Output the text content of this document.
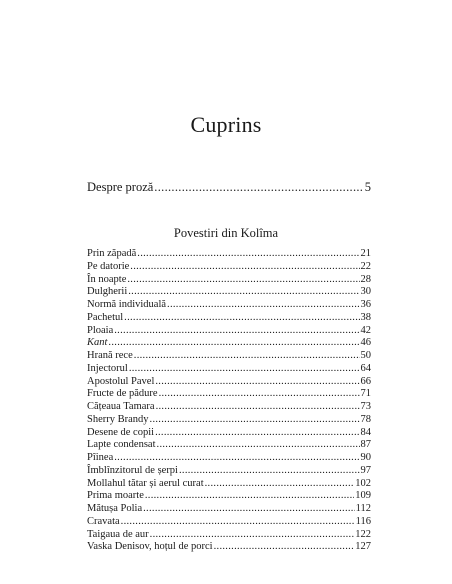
Cuprins
Despre proză .....	5
Povestiri din Kolîma
Prin zăpadă .....	21
Pe datorie .....	22
În noapte .....	28
Dulgherii .....	30
Normă individuală .....	36
Pachetul .....	38
Ploaia .....	42
Kant .....	46
Hrană rece .....	50
Injectorul .....	64
Apostolul Pavel .....	66
Fructe de pădure .....	71
Cățeaua Tamara .....	73
Sherry Brandy .....	78
Desene de copii .....	84
Lapte condensat .....	87
Pîinea .....	90
Îmblînzitorul de șerpi .....	97
Mollahul tătar și aerul curat .....	102
Prima moarte .....	109
Mătușa Polia .....	112
Cravata .....	116
Taigaua de aur .....	122
Vaska Denisov, hoțul de porci .....	127
